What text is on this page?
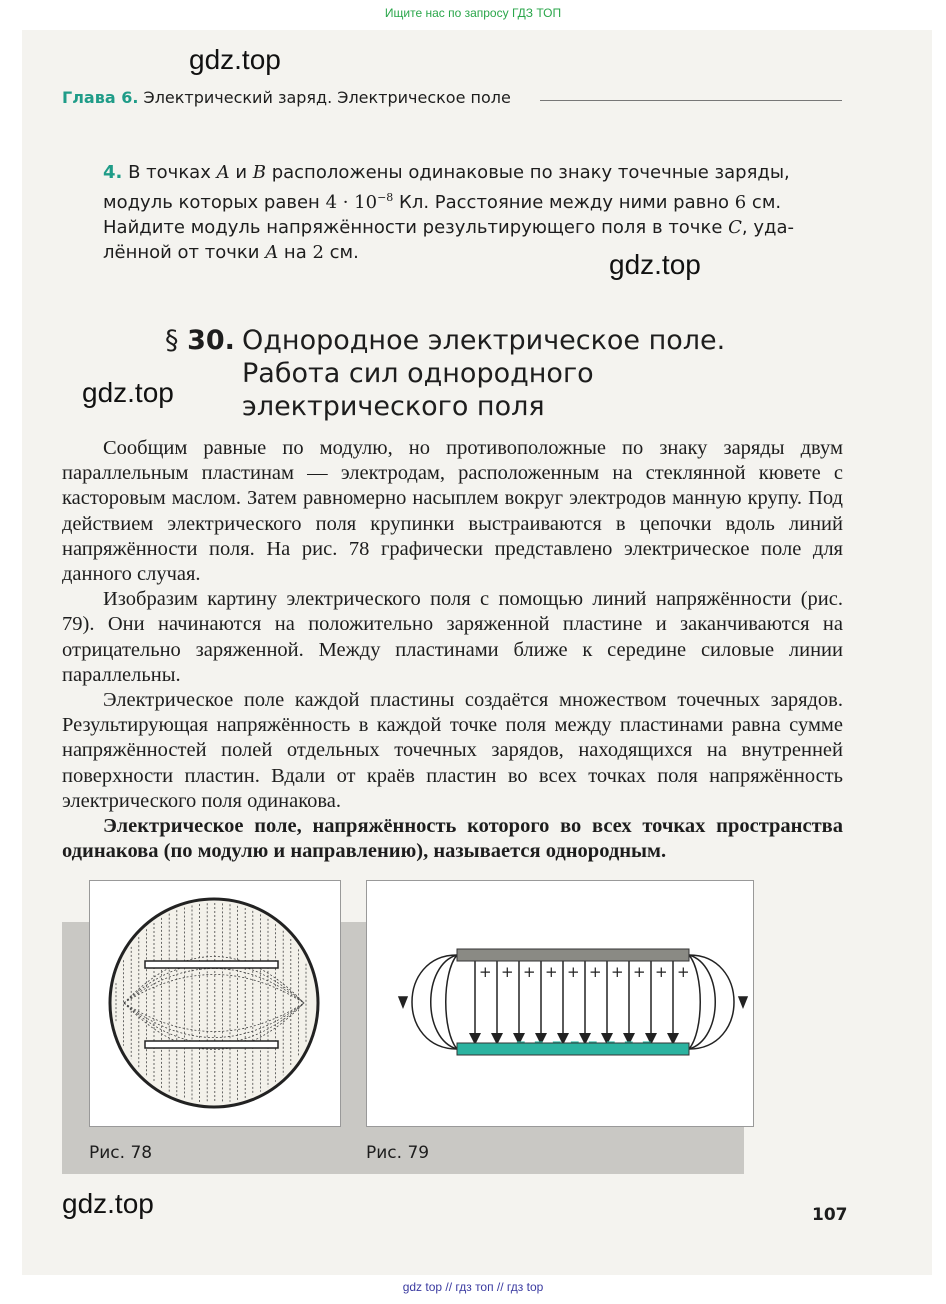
Ищите нас по запросу ГДЗ ТОП
gdz.top
gdz.top
gdz.top
gdz.top
Глава 6. Электрический заряд. Электрическое поле
4. В точках A и B расположены одинаковые по знаку точечные заряды,
модуль которых равен $4 \cdot 10^{-8}$ Кл. Расстояние между ними равно 6 см.
Найдите модуль напряжённости результирующего поля в точке C, уда-
лённой от точки A на 2 см.
§ 30. Однородное электрическое поле.
Работа сил однородного
электрического поля

Сообщим равные по модулю, но противоположные по знаку заряды двум параллельным пластинам — электродам, расположенным на стеклянной кювете с касторовым маслом. Затем равномерно насыплем вокруг электродов манную крупу. Под действием электрического поля крупинки выстраиваются в цепочки вдоль линий напряжённости поля. На рис. 78 графически представлено электрическое поле для данного случая.

Изобразим картину электрического поля с помощью линий напряжённости (рис. 79). Они начинаются на положительно заряженной пластине и заканчиваются на отрицательно заряженной. Между пластинами ближе к середине силовые линии параллельны.

Электрическое поле каждой пластины создаётся множеством точечных зарядов. Результирующая напряжённость в каждой точке поля между пластинами равна сумме напряжённостей полей отдельных точечных зарядов, находящихся на внутренней поверхности пластин. Вдали от краёв пластин во всех точках поля напряжённость электрического поля одинакова.

Электрическое поле, напряжённость которого во всех точках пространства одинакова (по модулю и направлению), называется однородным.

Рис. 78
+ + + + + + + + + +
_ _ _ _ _ _ _ _
Рис. 79
107
gdz top // гдз топ // гдз top
